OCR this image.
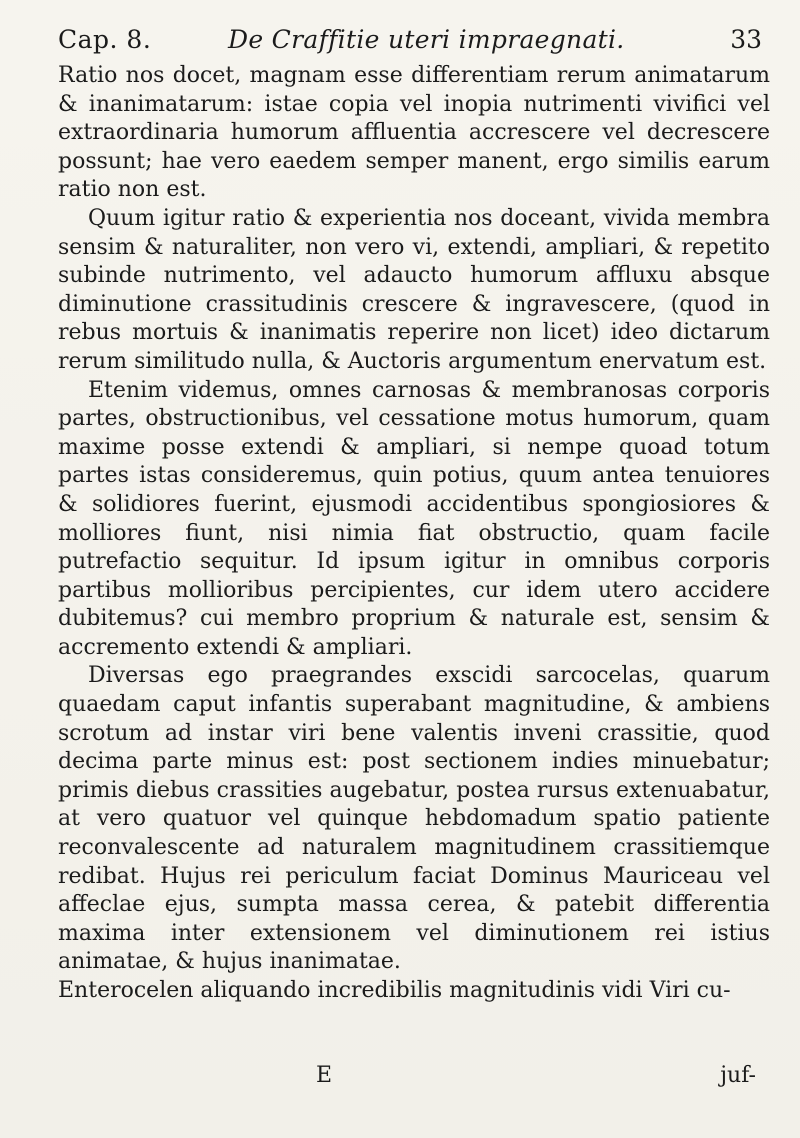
Cap. 8.	De Craffitie uteri impraegnati.	33

Ratio nos docet, magnam esse differentiam rerum animatarum & inanimatarum: istae copia vel inopia nutrimenti vivifici vel extraordinaria humorum affluentia accrescere vel decrescere possunt; hae vero eaedem semper manent, ergo similis earum ratio non est.

Quum igitur ratio & experientia nos doceant, vivida membra sensim & naturaliter, non vero vi, extendi, ampliari, & repetito subinde nutrimento, vel adaucto humorum affluxu absque diminutione crassitudinis crescere & ingravescere, (quod in rebus mortuis & inanimatis reperire non licet) ideo dictarum rerum similitudo nulla, & Auctoris argumentum enervatum est.

Etenim videmus, omnes carnosas & membranosas corporis partes, obstructionibus, vel cessatione motus humorum, quam maxime posse extendi & ampliari, si nempe quoad totum partes istas consideremus, quin potius, quum antea tenuiores & solidiores fuerint, ejusmodi accidentibus spongiosiores & molliores fiunt, nisi nimia fiat obstructio, quam facile putrefactio sequitur. Id ipsum igitur in omnibus corporis partibus mollioribus percipientes, cur idem utero accidere dubitemus? cui membro proprium & naturale est, sensim & accremento extendi & ampliari.

Diversas ego praegrandes exscidi sarcocelas, quarum quaedam caput infantis superabant magnitudine, & ambiens scrotum ad instar viri bene valentis inveni crassitie, quod decima parte minus est: post sectionem indies minuebatur; primis diebus crassities augebatur, postea rursus extenuabatur, at vero quatuor vel quinque hebdomadum spatio patiente reconvalescente ad naturalem magnitudinem crassitiemque redibat. Hujus rei periculum faciat Dominus Mauriceau vel affeclae ejus, sumpta massa cerea, & patebit differentia maxima inter extensionem vel diminutionem rei istius animatae, & hujus inanimatae.

Enterocelen aliquando incredibilis magnitudinis vidi Viri cu-

E	juf-
